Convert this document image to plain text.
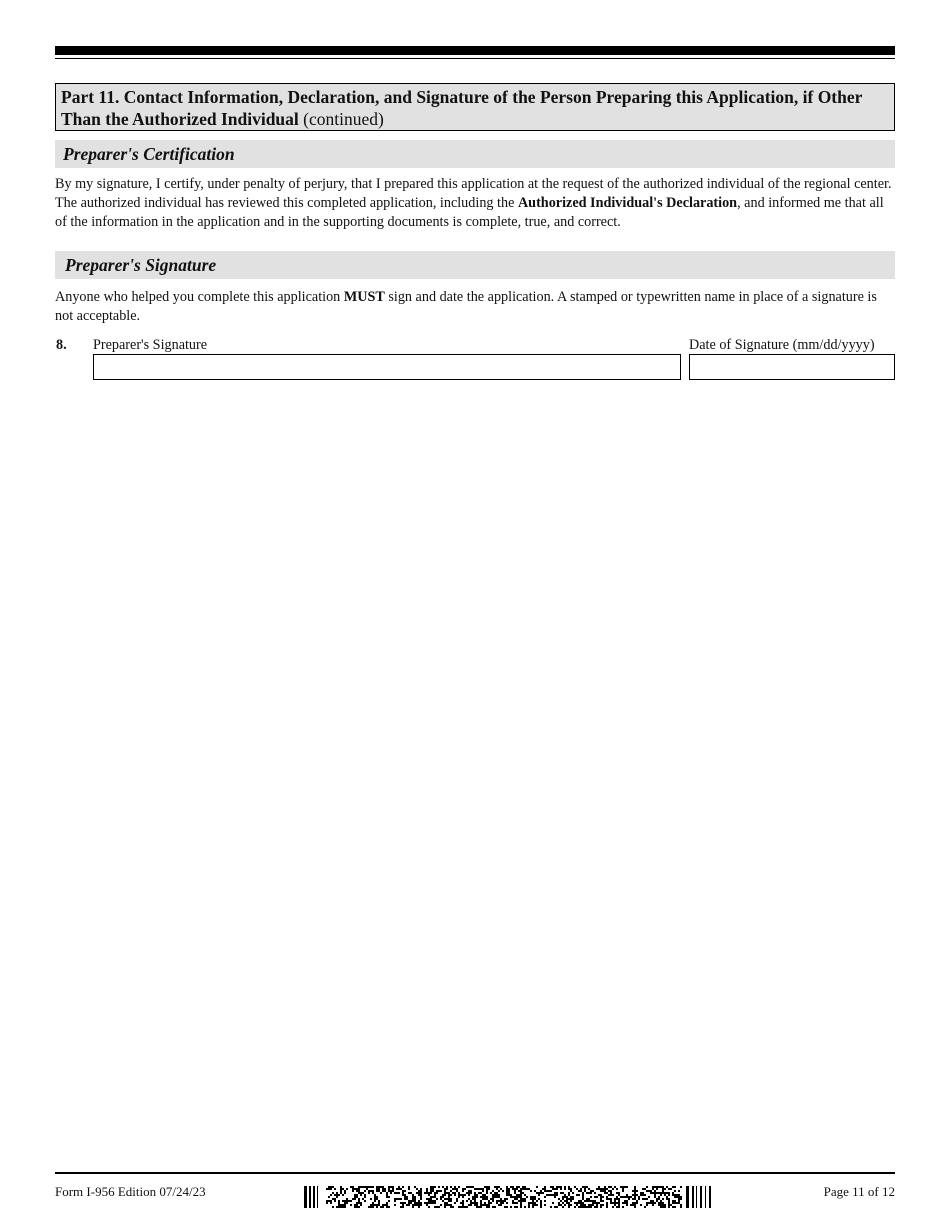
Part 11. Contact Information, Declaration, and Signature of the Person Preparing this Application, if Other Than the Authorized Individual (continued)
Preparer's Certification
By my signature, I certify, under penalty of perjury, that I prepared this application at the request of the authorized individual of the regional center. The authorized individual has reviewed this completed application, including the Authorized Individual's Declaration, and informed me that all of the information in the application and in the supporting documents is complete, true, and correct.
Preparer's Signature
Anyone who helped you complete this application MUST sign and date the application. A stamped or typewritten name in place of a signature is not acceptable.
8. Preparer's Signature	Date of Signature (mm/dd/yyyy)
Form I-956 Edition 07/24/23	Page 11 of 12
